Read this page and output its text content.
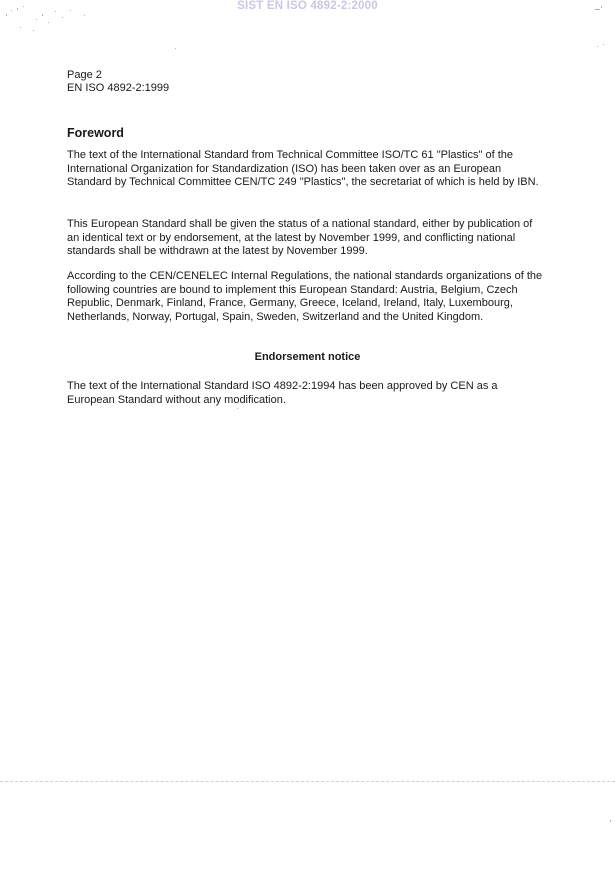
SIST EN ISO 4892-2:2000
Page 2
EN ISO 4892-2:1999
Foreword

The text of the International Standard from Technical Committee ISO/TC 61 "Plastics" of the International Organization for Standardization (ISO) has been taken over as an European Standard by Technical Committee CEN/TC 249 "Plastics", the secretariat of which is held by IBN.

This European Standard shall be given the status of a national standard, either by publication of an identical text or by endorsement, at the latest by November 1999, and conflicting national standards shall be withdrawn at the latest by November 1999.

According to the CEN/CENELEC Internal Regulations, the national standards organizations of the following countries are bound to implement this European Standard: Austria, Belgium, Czech Republic, Denmark, Finland, France, Germany, Greece, Iceland, Ireland, Italy, Luxembourg, Netherlands, Norway, Portugal, Spain, Sweden, Switzerland and the United Kingdom.

Endorsement notice

The text of the International Standard ISO 4892-2:1994 has been approved by CEN as a European Standard without any modification.
